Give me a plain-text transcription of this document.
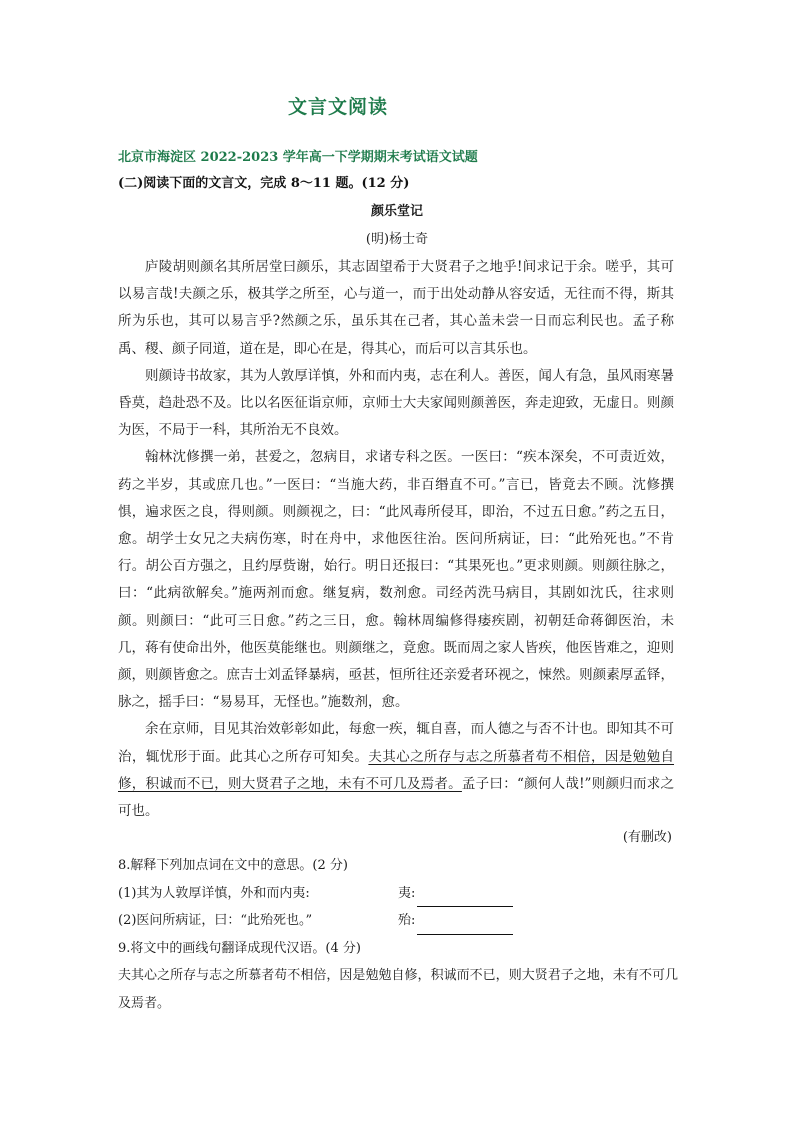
文言文阅读
北京市海淀区 2022-2023 学年高一下学期期末考试语文试题
(二)阅读下面的文言文，完成 8～11 题。(12 分)
颜乐堂记
(明)杨士奇

庐陵胡则颜名其所居堂曰颜乐，其志固望希于大贤君子之地乎!间求记于余。嗟乎，其可以易言哉!夫颜之乐，极其学之所至，心与道一，而于出处动静从容安适，无往而不得，斯其所为乐也，其可以易言乎?然颜之乐，虽乐其在己者，其心盖未尝一日而忘利民也。孟子称禹、稷、颜子同道，道在是，即心在是，得其心，而后可以言其乐也。

则颜诗书故家，其为人敦厚详慎，外和而内夷，志在利人。善医，闻人有急，虽风雨寒暑昏莫，趋赴恐不及。比以名医征诣京师，京师士大夫家闻则颜善医，奔走迎致，无虚日。则颜为医，不局于一科，其所治无不良效。

翰林沈修撰一弟，甚爱之，忽病目，求诸专科之医。一医曰：“疾本深矣，不可责近效，药之半岁，其或庶几也。”一医曰：“当施大药，非百缗直不可。”言已，皆竟去不顾。沈修撰惧，遍求医之良，得则颜。则颜视之，曰：“此风毒所侵耳，即治，不过五日愈。”药之五日，愈。胡学士女兄之夫病伤寒，时在舟中，求他医往治。医问所病证，曰：“此殆死也。”不肯行。胡公百方强之，且约厚赀谢，始行。明日还报曰：“其果死也。”更求则颜。则颜往脉之，曰：“此病欲解矣。”施两剂而愈。继复病，数剂愈。司经芮洗马病目，其剧如沈氏，往求则颜。则颜曰：“此可三日愈。”药之三日，愈。翰林周编修得痿疾剧，初朝廷命蒋御医治，未几，蒋有使命出外，他医莫能继也。则颜继之，竟愈。既而周之家人皆疾，他医皆难之，迎则颜，则颜皆愈之。庶吉士刘孟铎暴病，亟甚，恒所往还亲爱者环视之，悚然。则颜素厚孟铎，脉之，摇手曰：“易易耳，无怪也。”施数剂，愈。

余在京师，目见其治效彰彰如此，每愈一疾，辄自喜，而人德之与否不计也。即知其不可治，辄忧形于面。此其心之所存可知矣。夫其心之所存与志之所慕者苟不相倍，因是勉勉自修，积诚而不已，则大贤君子之地，未有不可几及焉者。孟子曰：“颜何人哉!”则颜归而求之可也。

(有删改)

8.解释下列加点词在文中的意思。(2 分)

(1)其为人敦厚详慎，外和而内夷:	夷:
(2)医问所病证，曰：“此殆死也。”	殆:

9.将文中的画线句翻译成现代汉语。(4 分)

夫其心之所存与志之所慕者苟不相倍，因是勉勉自修，积诚而不已，则大贤君子之地，未有不可几及焉者。
